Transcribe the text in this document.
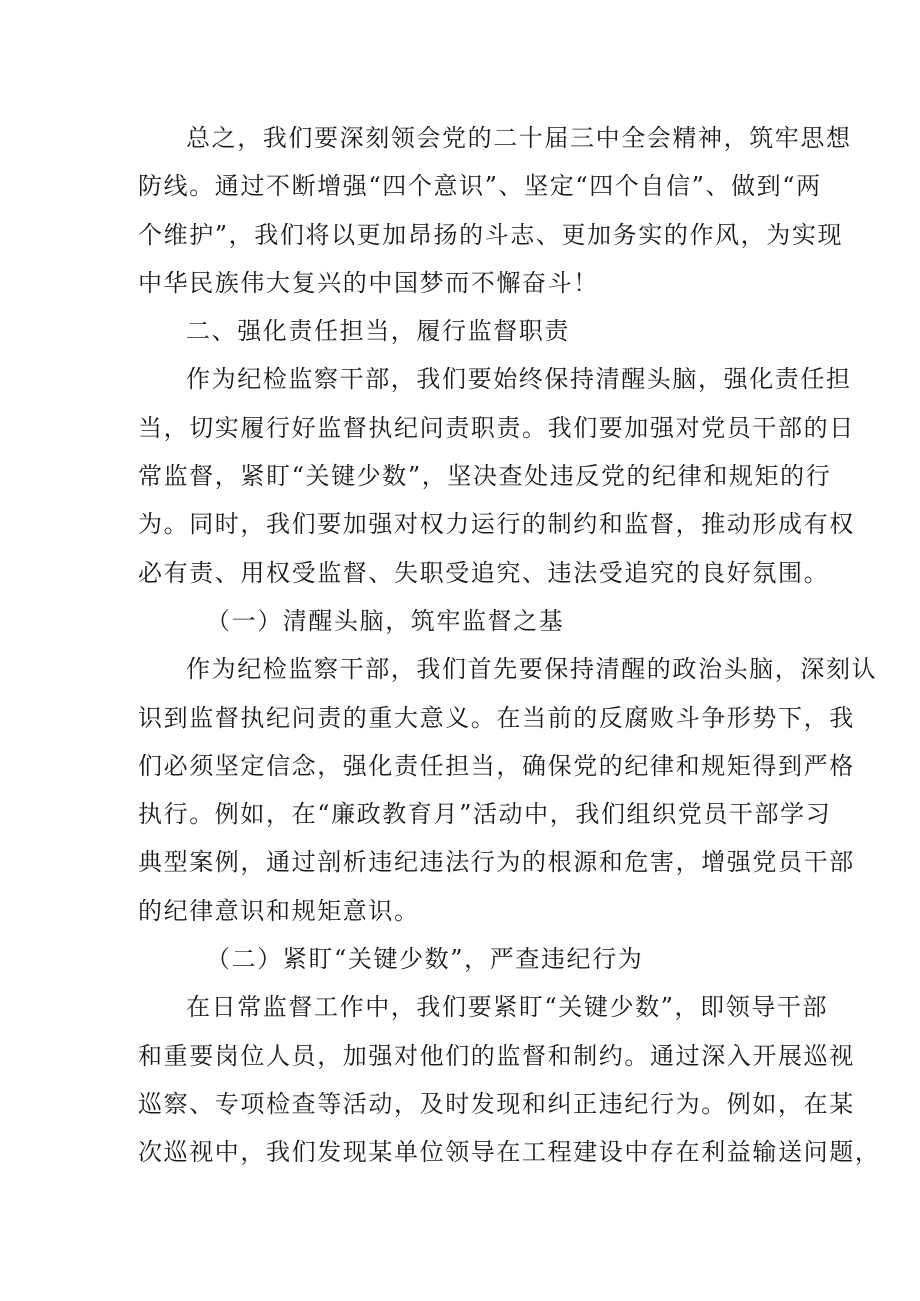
总之，我们要深刻领会党的二十届三中全会精神，筑牢思想
防线。通过不断增强“四个意识”、坚定“四个自信”、做到“两
个维护”，我们将以更加昂扬的斗志、更加务实的作风，为实现
中华民族伟大复兴的中国梦而不懈奋斗！
二、强化责任担当，履行监督职责
作为纪检监察干部，我们要始终保持清醒头脑，强化责任担
当，切实履行好监督执纪问责职责。我们要加强对党员干部的日
常监督，紧盯“关键少数”，坚决查处违反党的纪律和规矩的行
为。同时，我们要加强对权力运行的制约和监督，推动形成有权
必有责、用权受监督、失职受追究、违法受追究的良好氛围。
（一）清醒头脑，筑牢监督之基
作为纪检监察干部，我们首先要保持清醒的政治头脑，深刻认
识到监督执纪问责的重大意义。在当前的反腐败斗争形势下，我
们必须坚定信念，强化责任担当，确保党的纪律和规矩得到严格
执行。例如，在“廉政教育月”活动中，我们组织党员干部学习
典型案例，通过剖析违纪违法行为的根源和危害，增强党员干部
的纪律意识和规矩意识。
（二）紧盯“关键少数”，严查违纪行为
在日常监督工作中，我们要紧盯“关键少数”，即领导干部
和重要岗位人员，加强对他们的监督和制约。通过深入开展巡视
巡察、专项检查等活动，及时发现和纠正违纪行为。例如，在某
次巡视中，我们发现某单位领导在工程建设中存在利益输送问题，
